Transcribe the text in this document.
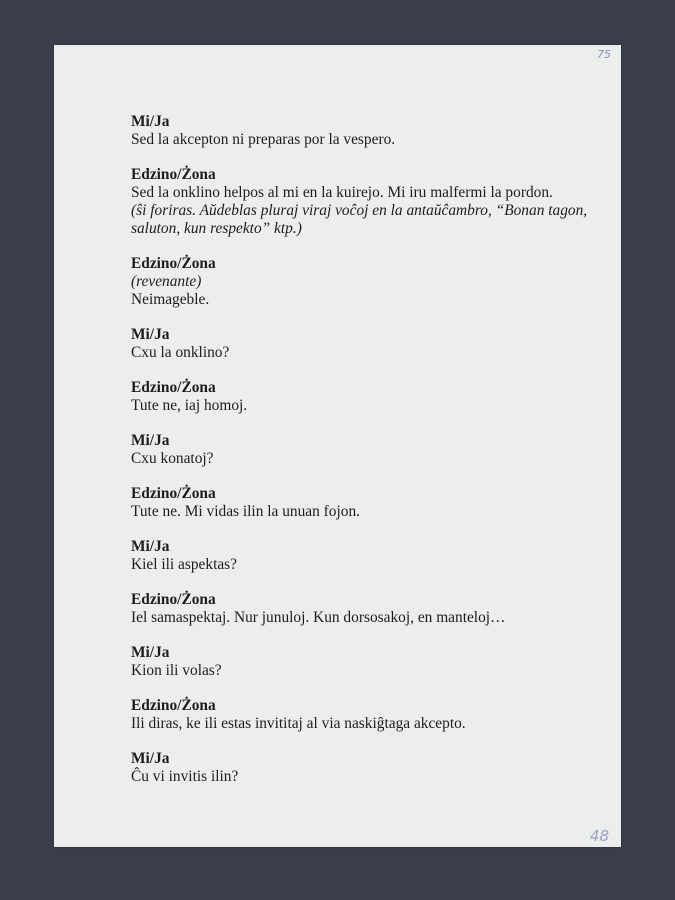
75
Mi/Ja
Sed la akcepton ni preparas por la vespero.
Edzino/Żona
Sed la onklino helpos al mi en la kuirejo. Mi iru malfermi la pordon.
(ŝi foriras. Aŭdeblas pluraj viraj voĉoj en la antaŭĉambro, “Bonan tagon, saluton, kun respekto” ktp.)
Edzino/Żona
(revenante)
Neimageble.
Mi/Ja
Cxu la onklino?
Edzino/Żona
Tute ne, iaj homoj.
Mi/Ja
Cxu konatoj?
Edzino/Żona
Tute ne. Mi vidas ilin la unuan fojon.
Mi/Ja
Kiel ili aspektas?
Edzino/Żona
Iel samaspektaj. Nur junuloj. Kun dorsosakoj, en manteloj…
Mi/Ja
Kion ili volas?
Edzino/Żona
Ili diras, ke ili estas invititaj al via naskiĝtaga akcepto.
Mi/Ja
Ĉu vi invitis ilin?
48
